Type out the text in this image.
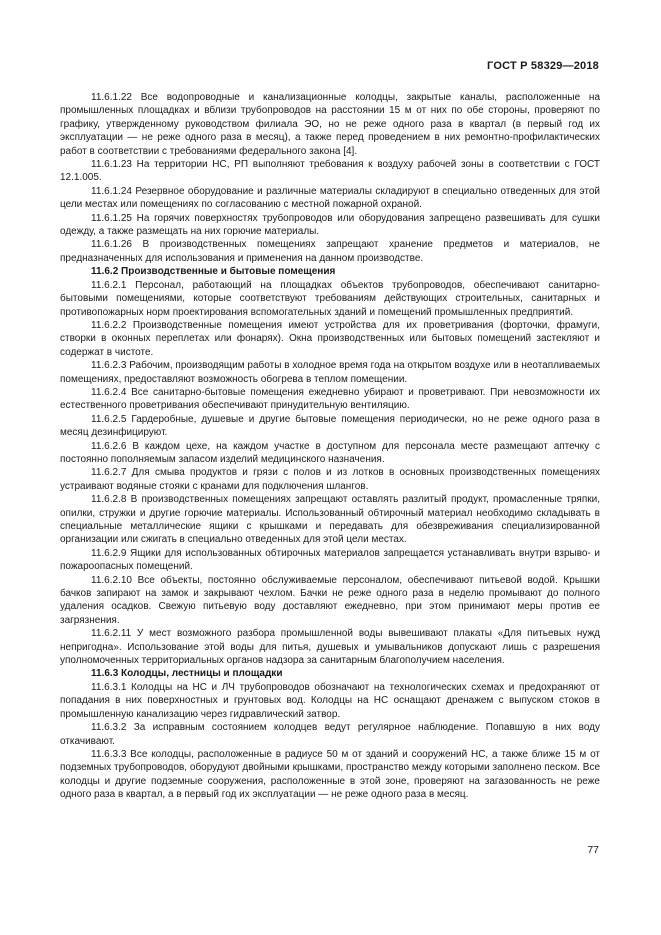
ГОСТ Р 58329—2018

11.6.1.22 Все водопроводные и канализационные колодцы, закрытые каналы, расположенные на промышленных площадках и вблизи трубопроводов на расстоянии 15 м от них по обе стороны, проверяют по графику, утвержденному руководством филиала ЭО, но не реже одного раза в квартал (в первый год их эксплуатации — не реже одного раза в месяц), а также перед проведением в них ремонтно-профилактических работ в соответствии с требованиями федерального закона [4].

11.6.1.23 На территории НС, РП выполняют требования к воздуху рабочей зоны в соответствии с ГОСТ 12.1.005.

11.6.1.24 Резервное оборудование и различные материалы складируют в специально отведенных для этой цели местах или помещениях по согласованию с местной пожарной охраной.

11.6.1.25 На горячих поверхностях трубопроводов или оборудования запрещено развешивать для сушки одежду, а также размещать на них горючие материалы.

11.6.1.26 В производственных помещениях запрещают хранение предметов и материалов, не предназначенных для использования и применения на данном производстве.

11.6.2 Производственные и бытовые помещения

11.6.2.1 Персонал, работающий на площадках объектов трубопроводов, обеспечивают санитарно-бытовыми помещениями, которые соответствуют требованиям действующих строительных, санитарных и противопожарных норм проектирования вспомогательных зданий и помещений промышленных предприятий.

11.6.2.2 Производственные помещения имеют устройства для их проветривания (форточки, фрамуги, створки в оконных переплетах или фонарях). Окна производственных или бытовых помещений застекляют и содержат в чистоте.

11.6.2.3 Рабочим, производящим работы в холодное время года на открытом воздухе или в неотапливаемых помещениях, предоставляют возможность обогрева в теплом помещении.

11.6.2.4 Все санитарно-бытовые помещения ежедневно убирают и проветривают. При невозможности их естественного проветривания обеспечивают принудительную вентиляцию.

11.6.2.5 Гардеробные, душевые и другие бытовые помещения периодически, но не реже одного раза в месяц дезинфицируют.

11.6.2.6 В каждом цехе, на каждом участке в доступном для персонала месте размещают аптечку с постоянно пополняемым запасом изделий медицинского назначения.

11.6.2.7 Для смыва продуктов и грязи с полов и из лотков в основных производственных помещениях устраивают водяные стояки с кранами для подключения шлангов.

11.6.2.8 В производственных помещениях запрещают оставлять разлитый продукт, промасленные тряпки, опилки, стружки и другие горючие материалы. Использованный обтирочный материал необходимо складывать в специальные металлические ящики с крышками и передавать для обезвреживания специализированной организации или сжигать в специально отведенных для этой цели местах.

11.6.2.9 Ящики для использованных обтирочных материалов запрещается устанавливать внутри взрыво- и пожароопасных помещений.

11.6.2.10 Все объекты, постоянно обслуживаемые персоналом, обеспечивают питьевой водой. Крышки бачков запирают на замок и закрывают чехлом. Бачки не реже одного раза в неделю промывают до полного удаления осадков. Свежую питьевую воду доставляют ежедневно, при этом принимают меры против ее загрязнения.

11.6.2.11 У мест возможного разбора промышленной воды вывешивают плакаты «Для питьевых нужд непригодна». Использование этой воды для питья, душевых и умывальников допускают лишь с разрешения уполномоченных территориальных органов надзора за санитарным благополучием населения.

11.6.3 Колодцы, лестницы и площадки

11.6.3.1 Колодцы на НС и ЛЧ трубопроводов обозначают на технологических схемах и предохраняют от попадания в них поверхностных и грунтовых вод. Колодцы на НС оснащают дренажем с выпуском стоков в промышленную канализацию через гидравлический затвор.

11.6.3.2 За исправным состоянием колодцев ведут регулярное наблюдение. Попавшую в них воду откачивают.

11.6.3.3 Все колодцы, расположенные в радиусе 50 м от зданий и сооружений НС, а также ближе 15 м от подземных трубопроводов, оборудуют двойными крышками, пространство между которыми заполнено песком. Все колодцы и другие подземные сооружения, расположенные в этой зоне, проверяют на загазованность не реже одного раза в квартал, а в первый год их эксплуатации — не реже одного раза в месяц.

77
